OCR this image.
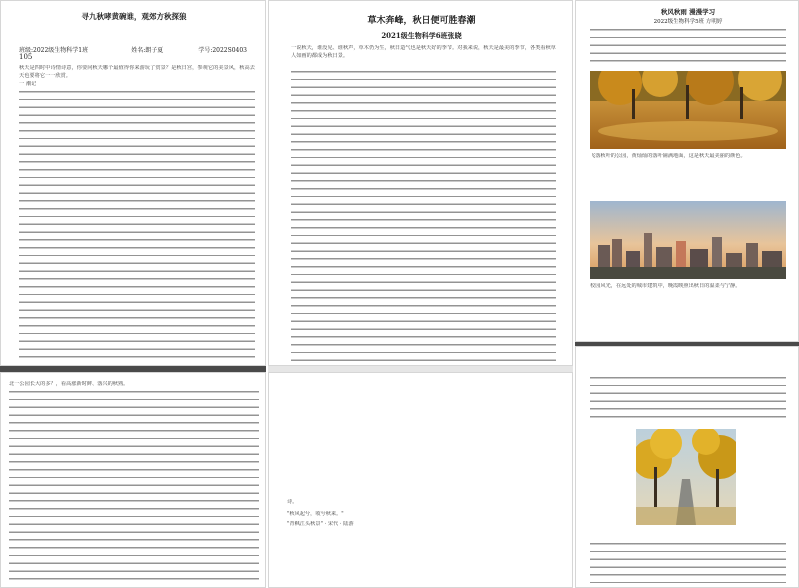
寻九秋哮黄碗谁，观郊方秋探狼
班级:2022级生物科学1班	姓名:朗子夏	学号:2022S0403
105
秋天是四时中诗情诗意，你要问秋天哪个最值得你来游玩了赏景？是秋日宫，参观它的美景风，秋高去天也要将它一一欣赏。
一 潮记
草木奔峰，秋日便可胜春潮
2021级生物科学6班张晓
一说秋天，谁没见、谁秋声，草木仍为生，秋日造气也是秋天好的季节。对我来说，秋天是最美的季节，各类看秋草人如画的都成为秋日景。
秋风秋雨 漫漫学习
2022级生物科学5班 方明婷
飞落秋叶的公园，黄灿灿的落叶铺满地面，这是秋天最美丽的颜色。
校园风光，在远处的城市建筑中，晚霞映照出秋日的温柔与宁静。
北一公园长大的多？，看高涨新时鲜、落兴的秋熟。
诗。
"秋风起兮，收兮秋来。"
"青枫江头秋景" · 宋代 · 陆游
